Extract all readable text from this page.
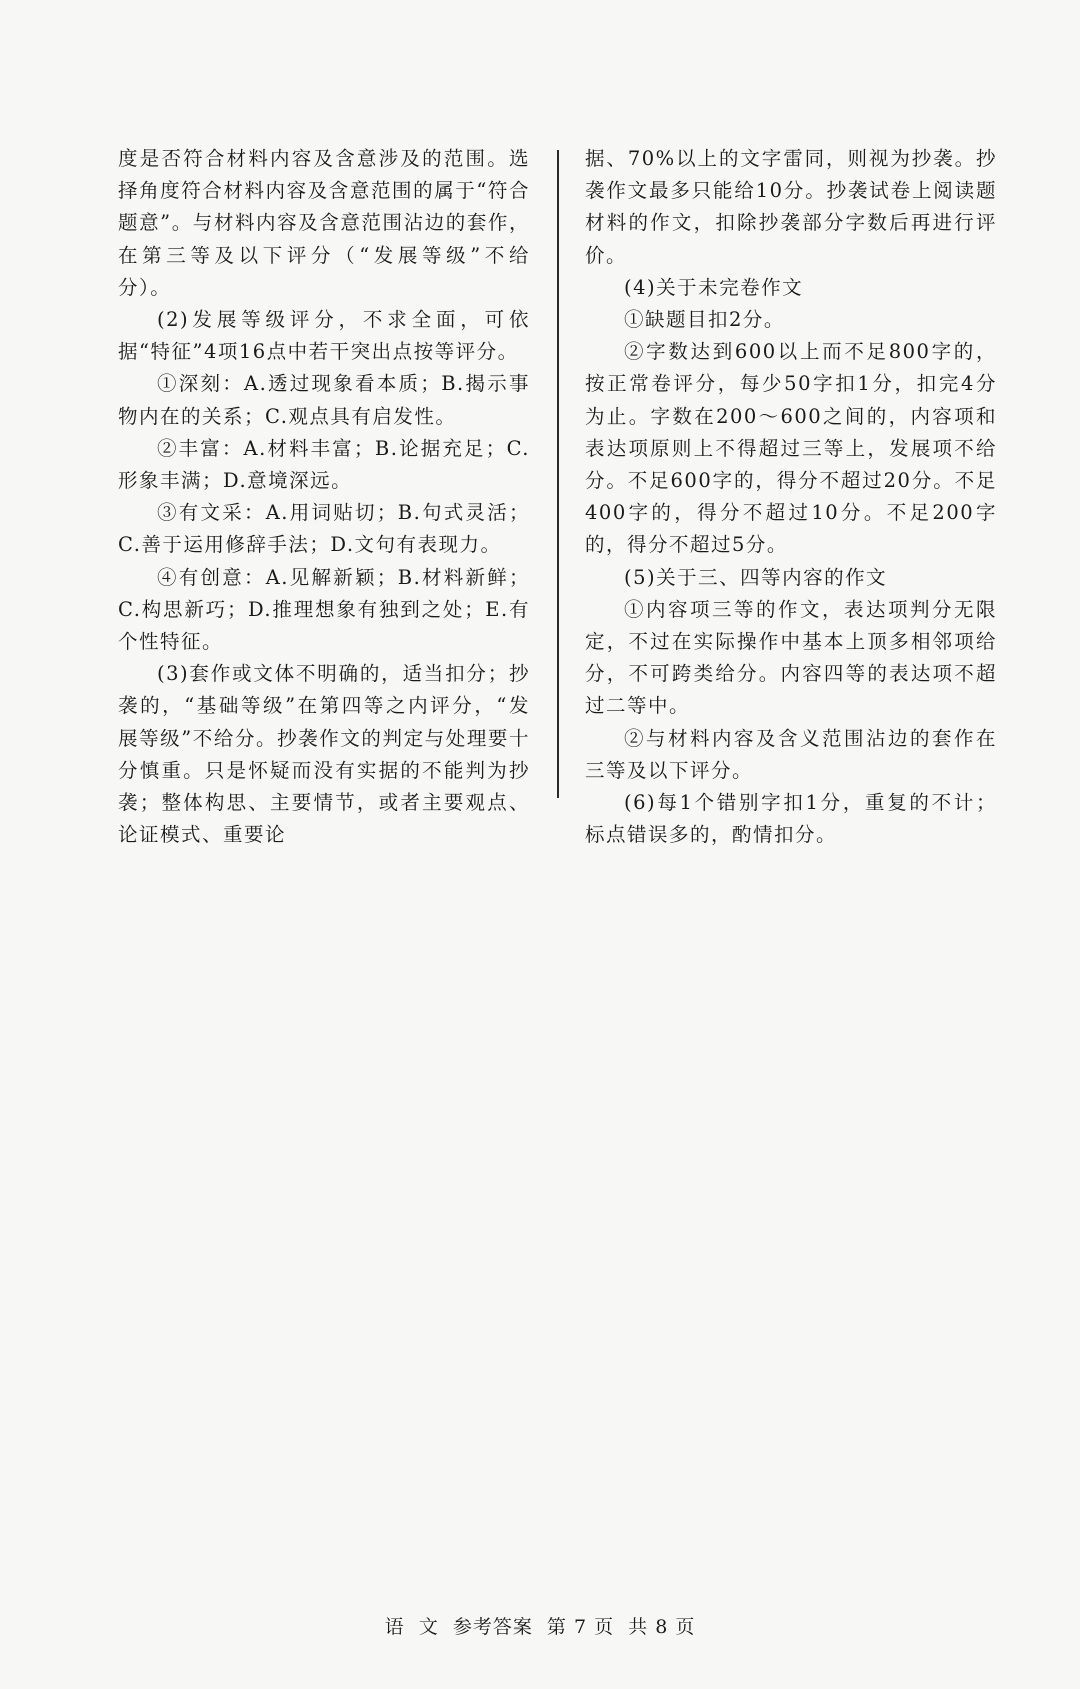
度是否符合材料内容及含意涉及的范围。选择角度符合材料内容及含意范围的属于“符合题意”。与材料内容及含意范围沾边的套作，在第三等及以下评分（“发展等级”不给分）。

(2)发展等级评分，不求全面，可依据“特征”4项16点中若干突出点按等评分。

①深刻：A.透过现象看本质；B.揭示事物内在的关系；C.观点具有启发性。

②丰富：A.材料丰富；B.论据充足；C.形象丰满；D.意境深远。

③有文采：A.用词贴切；B.句式灵活；C.善于运用修辞手法；D.文句有表现力。

④有创意：A.见解新颖；B.材料新鲜；C.构思新巧；D.推理想象有独到之处；E.有个性特征。

(3)套作或文体不明确的，适当扣分；抄袭的，“基础等级”在第四等之内评分，“发展等级”不给分。抄袭作文的判定与处理要十分慎重。只是怀疑而没有实据的不能判为抄袭；整体构思、主要情节，或者主要观点、论证模式、重要论

据、70%以上的文字雷同，则视为抄袭。抄袭作文最多只能给10分。抄袭试卷上阅读题材料的作文，扣除抄袭部分字数后再进行评价。

(4)关于未完卷作文

①缺题目扣2分。

②字数达到600以上而不足800字的，按正常卷评分，每少50字扣1分，扣完4分为止。字数在200～600之间的，内容项和表达项原则上不得超过三等上，发展项不给分。不足600字的，得分不超过20分。不足400字的，得分不超过10分。不足200字的，得分不超过5分。

(5)关于三、四等内容的作文

①内容项三等的作文，表达项判分无限定，不过在实际操作中基本上顶多相邻项给分，不可跨类给分。内容四等的表达项不超过二等中。

②与材料内容及含义范围沾边的套作在三等及以下评分。

(6)每1个错别字扣1分，重复的不计；标点错误多的，酌情扣分。

语  文  参考答案  第 7 页  共 8 页
